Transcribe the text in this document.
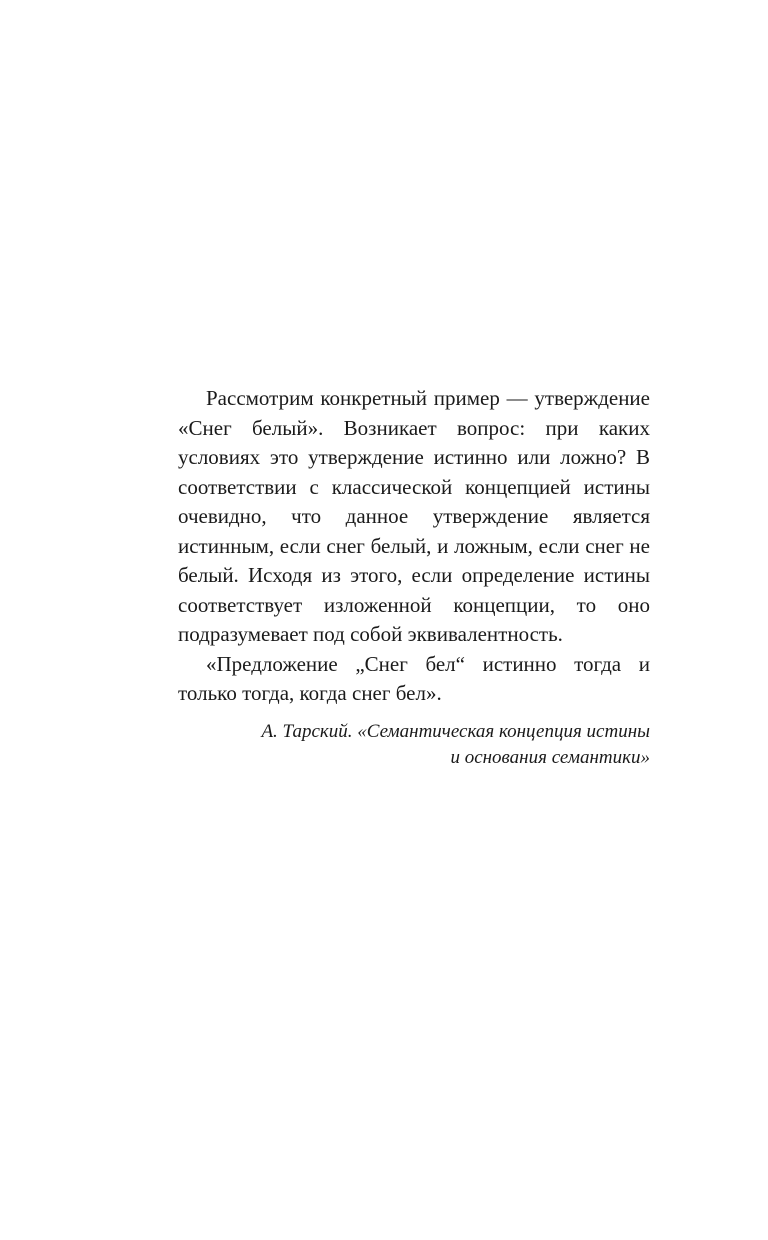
Рассмотрим конкретный пример — утверждение «Снег белый». Возникает вопрос: при каких условиях это утверждение истинно или ложно? В соответствии с классической концепцией истины очевидно, что данное утверждение является истинным, если снег белый, и ложным, если снег не белый. Исходя из этого, если определение истины соответствует изложенной концепции, то оно подразумевает под собой эквивалентность.

«Предложение „Снег бел“ истинно тогда и только тогда, когда снег бел».

А. Тарский. «Семантическая концепция истины
и основания семантики»
